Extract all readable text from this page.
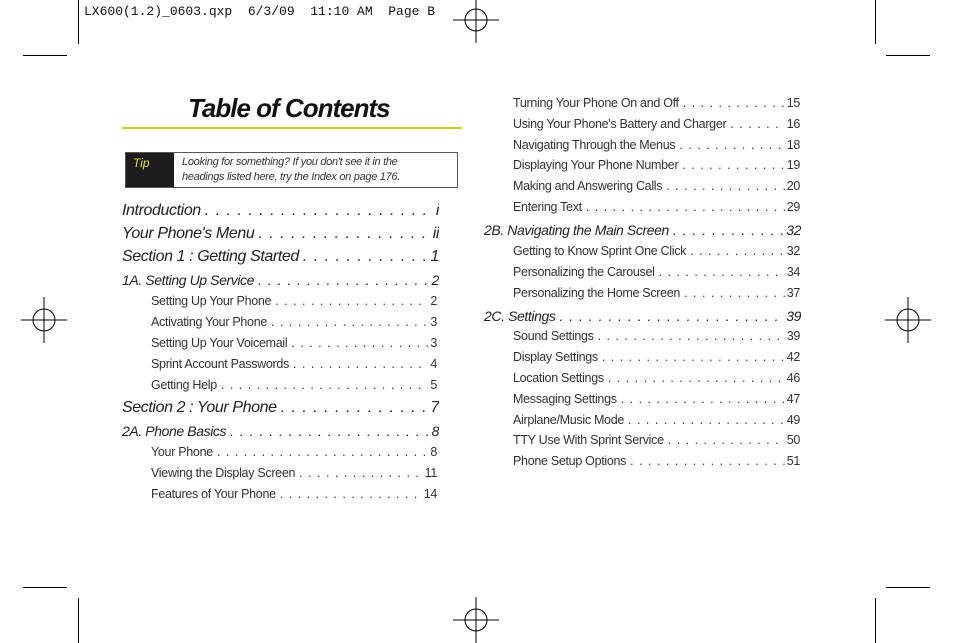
LX600(1.2)_0603.qxp  6/3/09  11:10 AM  Page B
Table of Contents
Tip	Looking for something? If you don't see it in the
headings listed here, try the Index on page 176.
Introduction . . .	i
Your Phone's Menu . . .	ii
Section 1 : Getting Started . . .	1
1A. Setting Up Service . . .	2
Setting Up Your Phone . . .	2
Activating Your Phone . . .	3
Setting Up Your Voicemail . . .	3
Sprint Account Passwords . . .	4
Getting Help . . .	5
Section 2 : Your Phone . . .	7
2A. Phone Basics . . .	8
Your Phone . . .	8
Viewing the Display Screen . . .	11
Features of Your Phone . . .	14
Turning Your Phone On and Off . . .	15
Using Your Phone's Battery and Charger . . .	16
Navigating Through the Menus . . .	18
Displaying Your Phone Number . . .	19
Making and Answering Calls . . .	20
Entering Text . . .	29
2B. Navigating the Main Screen . . .	32
Getting to Know Sprint One Click . . .	32
Personalizing the Carousel . . .	34
Personalizing the Home Screen . . .	37
2C. Settings . . .	39
Sound Settings . . .	39
Display Settings . . .	42
Location Settings . . .	46
Messaging Settings . . .	47
Airplane/Music Mode . . .	49
TTY Use With Sprint Service . . .	50
Phone Setup Options . . .	51
